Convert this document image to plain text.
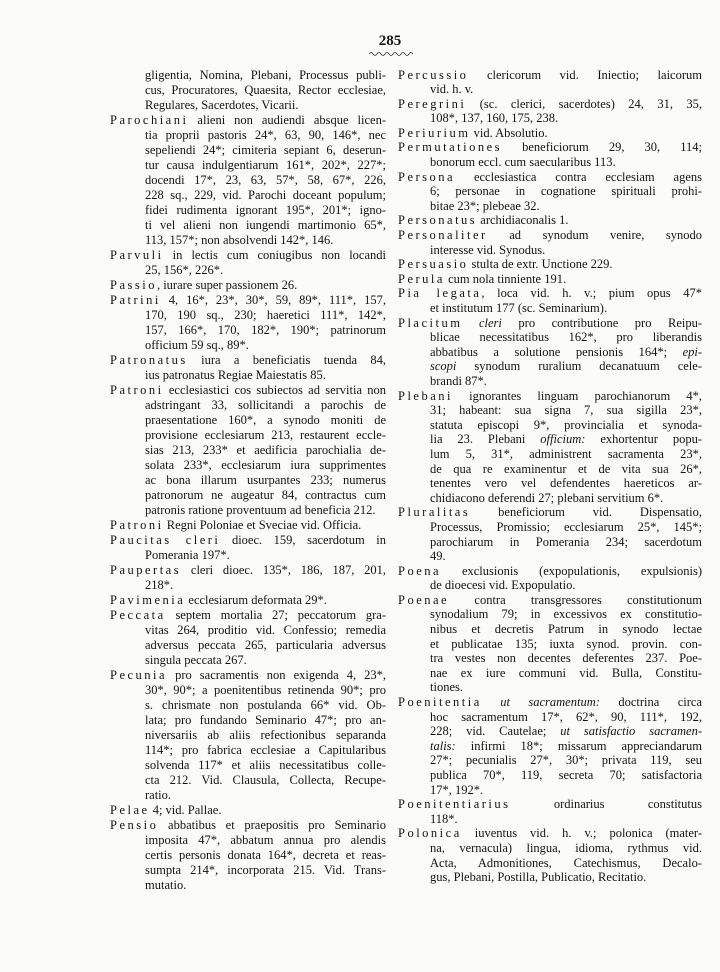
285
gligentia, Nomina, Plebani, Processus publi-
cus, Procuratores, Quaesita, Rector ecclesiae,
Regulares, Sacerdotes, Vicarii.
Parochiani alieni non audiendi absque licen-
tia proprii pastoris 24*, 63, 90, 146*, nec
sepeliendi 24*; cimiteria sepiant 6, deserun-
tur causa indulgentiarum 161*, 202*, 227*;
docendi 17*, 23, 63, 57*, 58, 67*, 226,
228 sq., 229, vid. Parochi doceant populum;
fidei rudimenta ignorant 195*, 201*; igno-
ti vel alieni non iungendi martimonio 65*,
113, 157*; non absolvendi 142*, 146.
Parvuli in lectis cum coniugibus non locandi
25, 156*, 226*.
Passio, iurare super passionem 26.
Patrini 4, 16*, 23*, 30*, 59, 89*, 111*, 157,
170, 190 sq., 230; haeretici 111*, 142*,
157, 166*, 170, 182*, 190*; patrinorum
officium 59 sq., 89*.
Patronatus iura a beneficiatis tuenda 84,
ius patronatus Regiae Maiestatis 85.
Patroni ecclesiastici cos subiectos ad servitia non
adstringant 33, sollicitandi a parochis de
praesentatione 160*, a synodo moniti de
provisione ecclesiarum 213, restaurent eccle-
sias 213, 233* et aedificia parochialia de-
solata 233*, ecclesiarum iura supprimentes
ac bona illarum usurpantes 233; numerus
patronorum ne augeatur 84, contractus cum
patronis ratione proventuum ad beneficia 212.
Patroni Regni Poloniae et Sveciae vid. Officia.
Paucitas cleri dioec. 159, sacerdotum in
Pomerania 197*.
Paupertas cleri dioec. 135*, 186, 187, 201,
218*.
Pavimenia ecclesiarum deformata 29*.
Peccata septem mortalia 27; peccatorum gra-
vitas 264, proditio vid. Confessio; remedia
adversus peccata 265, particularia adversus
singula peccata 267.
Pecunia pro sacramentis non exigenda 4, 23*,
30*, 90*; a poenitentibus retinenda 90*; pro
s. chrismate non postulanda 66* vid. Ob-
lata; pro fundando Seminario 47*; pro an-
niversariis ab aliis refectionibus separanda
114*; pro fabrica ecclesiae a Capitularibus
solvenda 117* et aliis necessitatibus colle-
cta 212. Vid. Clausula, Collecta, Recupe-
ratio.
Pelae 4; vid. Pallae.
Pensio abbatibus et praepositis pro Seminario
imposita 47*, abbatum annua pro alendis
certis personis donata 164*, decreta et reas-
sumpta 214*, incorporata 215. Vid. Trans-
mutatio.
Percussio clericorum vid. Iniectio; laicorum
vid. h. v.
Peregrini (sc. clerici, sacerdotes) 24, 31, 35,
108*, 137, 160, 175, 238.
Periurium vid. Absolutio.
Permutationes beneficiorum 29, 30, 114;
bonorum eccl. cum saecularibus 113.
Persona ecclesiastica contra ecclesiam agens
6; personae in cognatione spirituali prohi-
bitae 23*; plebeae 32.
Personatus archidiaconalis 1.
Personaliter ad synodum venire, synodo
interesse vid. Synodus.
Persuasio stulta de extr. Unctione 229.
Perula cum nola tinniente 191.
Pia legata, loca vid. h. v.; pium opus 47*
et institutum 177 (sc. Seminarium).
Placitum cleri pro contributione pro Reipu-
blicae necessitatibus 162*, pro liberandis
abbatibus a solutione pensionis 164*; epi-
scopi synodum ruralium decanatuum cele-
brandi 87*.
Plebani ignorantes linguam parochianorum 4*,
31; habeant: sua signa 7, sua sigilla 23*,
statuta episcopi 9*, provincialia et synoda-
lia 23. Plebani officium: exhortentur popu-
lum 5, 31*, administrent sacramenta 23*,
de qua re examinentur et de vita sua 26*,
tenentes vero vel defendentes haereticos ar-
chidiacono deferendi 27; plebani servitium 6*.
Pluralitas beneficiorum vid. Dispensatio,
Processus, Promissio; ecclesiarum 25*, 145*;
parochiarum in Pomerania 234; sacerdotum
49.
Poena exclusionis (expopulationis, expulsionis)
de dioecesi vid. Expopulatio.
Poenae contra transgressores constitutionum
synodalium 79; in excessivos ex constitutio-
nibus et decretis Patrum in synodo lectae
et publicatae 135; iuxta synod. provin. con-
tra vestes non decentes deferentes 237. Poe-
nae ex iure communi vid. Bulla, Constitu-
tiones.
Poenitentia ut sacramentum: doctrina circa
hoc sacramentum 17*, 62*, 90, 111*, 192,
228; vid. Cautelae; ut satisfactio sacramen-
talis: infirmi 18*; missarum appreciandarum
27*; pecunialis 27*, 30*; privata 119, seu
publica 70*, 119, secreta 70; satisfactoria
17*, 192*.
Poenitentiarius ordinarius constitutus
118*.
Polonica iuventus vid. h. v.; polonica (mater-
na, vernacula) lingua, idioma, rythmus vid.
Acta, Admonitiones, Catechismus, Decalo-
gus, Plebani, Postilla, Publicatio, Recitatio.
